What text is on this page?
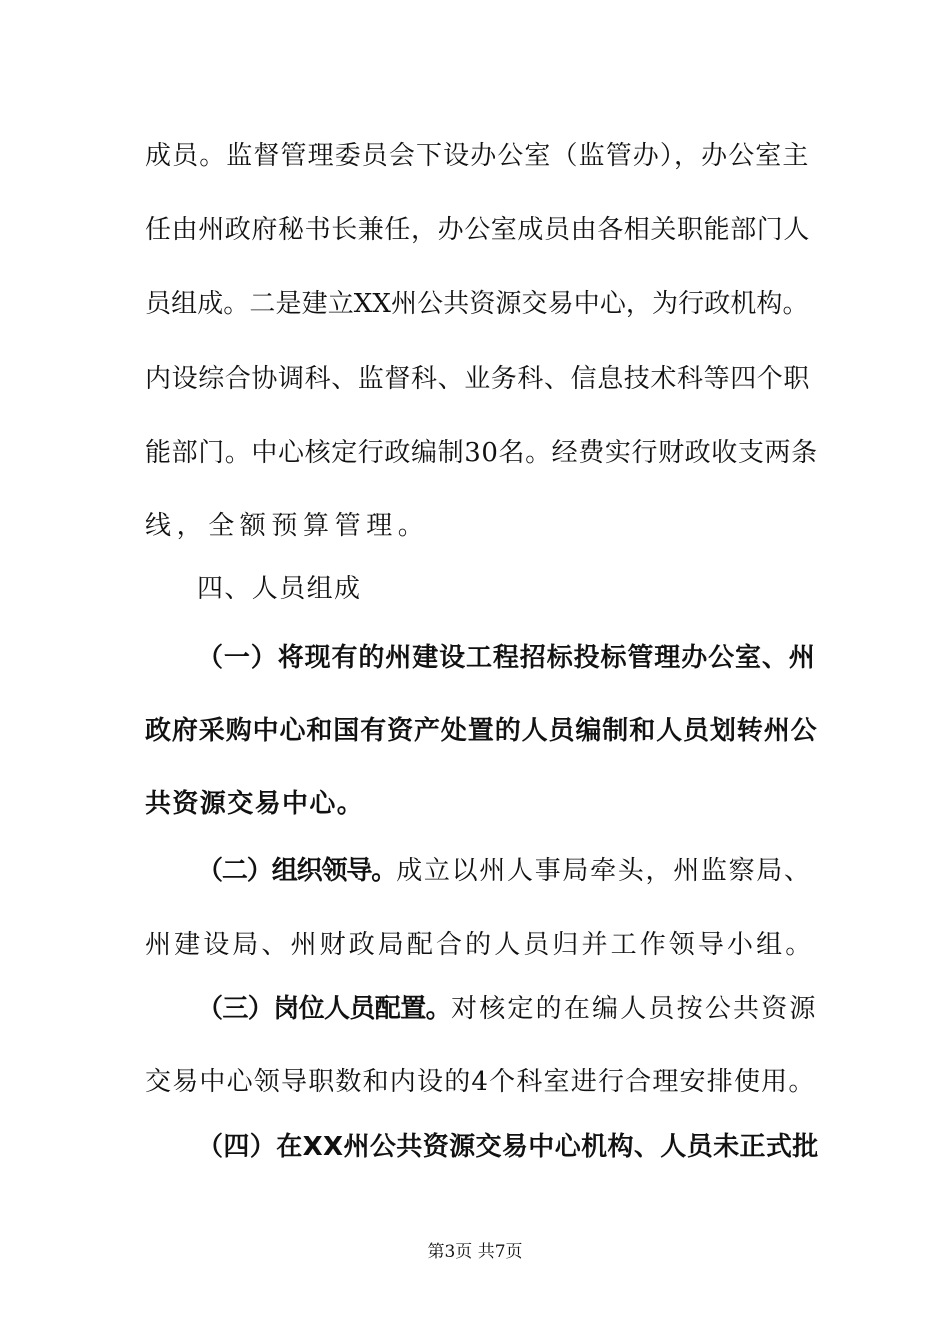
成员。监督管理委员会下设办公室（监管办），办公室主
任由州政府秘书长兼任，办公室成员由各相关职能部门人
员组成。二是建立XX州公共资源交易中心，为行政机构。
内设综合协调科、监督科、业务科、信息技术科等四个职
能部门。中心核定行政编制30名。经费实行财政收支两条
线，全额预算管理。
四、人员组成
（一）将现有的州建设工程招标投标管理办公室、州
政府采购中心和国有资产处置的人员编制和人员划转州公
共资源交易中心。
（二）组织领导。成立以州人事局牵头，州监察局、
州建设局、州财政局配合的人员归并工作领导小组。
（三）岗位人员配置。对核定的在编人员按公共资源
交易中心领导职数和内设的4个科室进行合理安排使用。
（四）在XX州公共资源交易中心机构、人员未正式批
第3页 共7页
